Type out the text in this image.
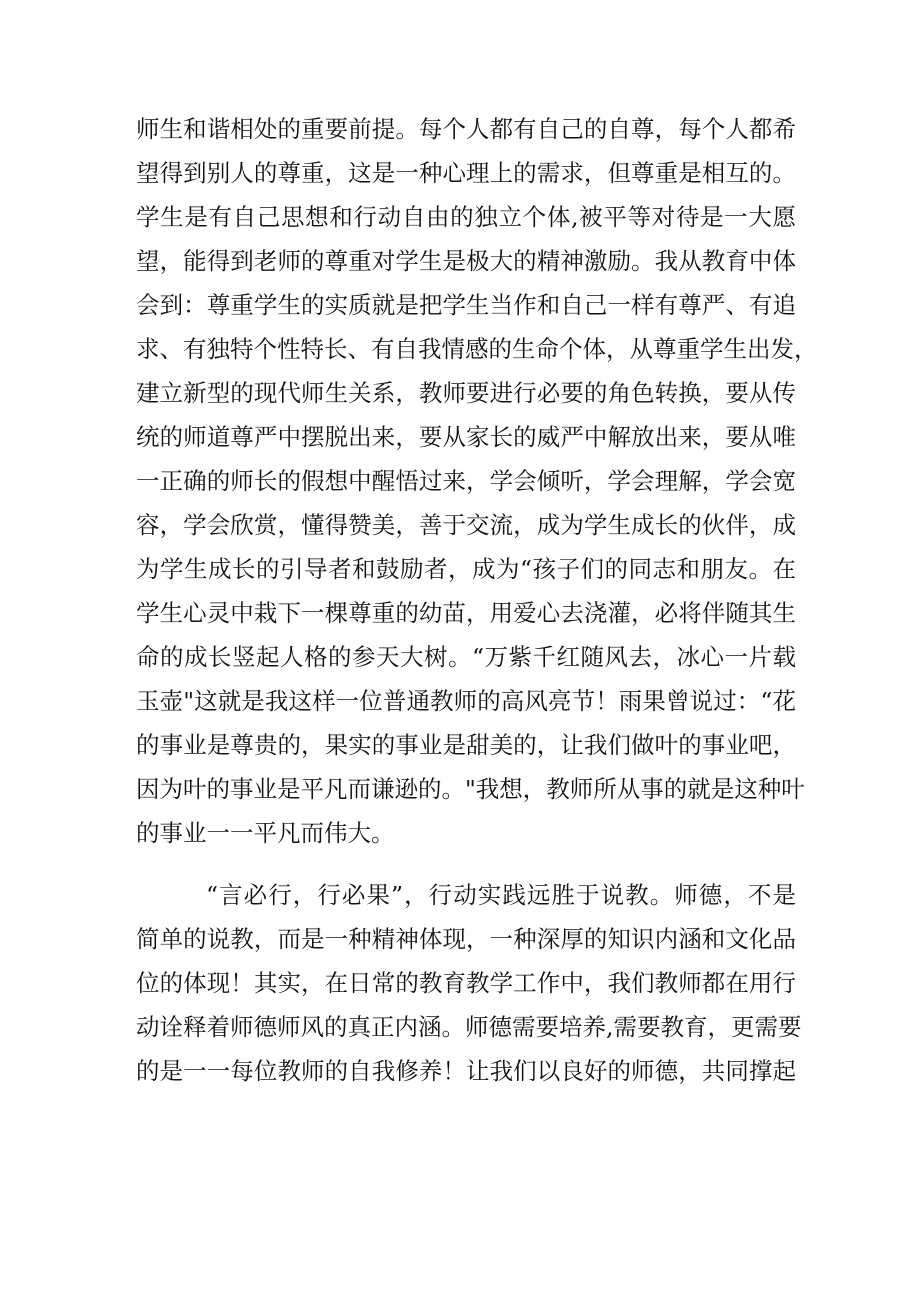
师生和谐相处的重要前提。每个人都有自己的自尊，每个人都希
望得到别人的尊重，这是一种心理上的需求，但尊重是相互的。
学生是有自己思想和行动自由的独立个体,被平等对待是一大愿
望，能得到老师的尊重对学生是极大的精神激励。我从教育中体
会到：尊重学生的实质就是把学生当作和自己一样有尊严、有追
求、有独特个性特长、有自我情感的生命个体，从尊重学生出发，
建立新型的现代师生关系，教师要进行必要的角色转换，要从传
统的师道尊严中摆脱出来，要从家长的威严中解放出来，要从唯
一正确的师长的假想中醒悟过来，学会倾听，学会理解，学会宽
容，学会欣赏，懂得赞美，善于交流，成为学生成长的伙伴，成
为学生成长的引导者和鼓励者，成为“孩子们的同志和朋友。在
学生心灵中栽下一棵尊重的幼苗，用爱心去浇灌，必将伴随其生
命的成长竖起人格的参天大树。“万紫千红随风去，冰心一片载
玉壶"这就是我这样一位普通教师的高风亮节！雨果曾说过：“花
的事业是尊贵的，果实的事业是甜美的，让我们做叶的事业吧，
因为叶的事业是平凡而谦逊的。"我想，教师所从事的就是这种叶
的事业一一平凡而伟大。
“言必行，行必果”，行动实践远胜于说教。师德，不是
简单的说教，而是一种精神体现，一种深厚的知识内涵和文化品
位的体现！其实，在日常的教育教学工作中，我们教师都在用行
动诠释着师德师风的真正内涵。师德需要培养,需要教育，更需要
的是一一每位教师的自我修养！让我们以良好的师德，共同撑起
